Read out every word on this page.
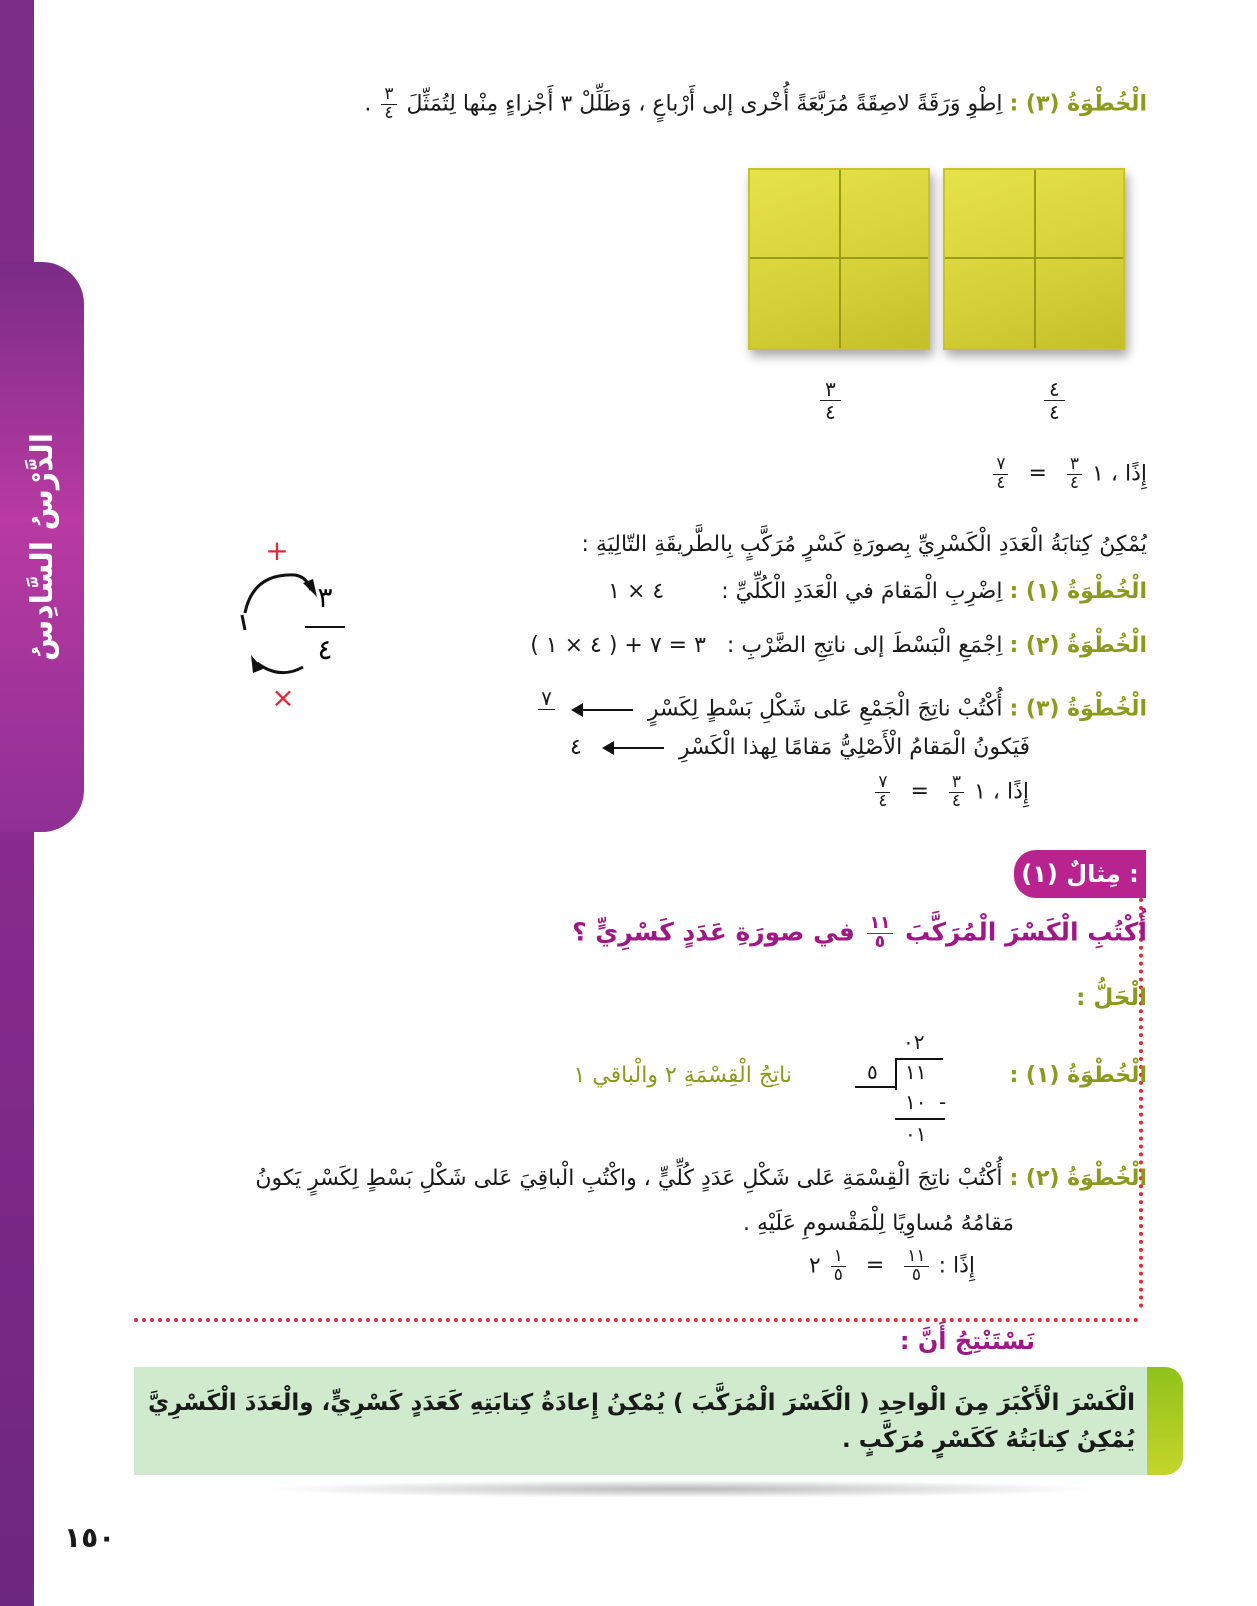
الدَّرْسُ السَّادِسُ
الْخُطْوَةُ (٣) : اِطْوِ وَرَقَةً لاصِقَةً مُرَبَّعَةً أُخْرى إلى أَرْباعٍ ، وَظَلِّلْ ٣ أَجْزاءٍ مِنْها لِتُمَثِّلَ
$\frac{٣}{٤}$
.
٤
٤
٣
٤
إِذًا ، ١
$\frac{٣}{٤}$
=
$\frac{٧}{٤}$
يُمْكِنُ كِتابَةُ الْعَدَدِ الْكَسْرِيِّ بِصورَةِ كَسْرٍ مُرَكَّبٍ بِالطَّريقَةِ التّالِيَةِ :
الْخُطْوَةُ (١) : اِضْرِبِ الْمَقامَ في الْعَدَدِ الْكُلِّيِّ : ٤ × ١
الْخُطْوَةُ (٢) : اِجْمَعِ الْبَسْطَ إلى ناتِجِ الضَّرْبِ : ( ٤ × ١ ) + ٣ = ٧
الْخُطْوَةُ (٣) : أُكْتُبْ ناتِجَ الْجَمْعِ عَلى شَكْلِ بَسْطٍ لِكَسْرٍ
٧
فَيَكونُ الْمَقامُ الْأَصْلِيُّ مَقامًا لِهذا الْكَسْرِ  ٤
إِذًا ، ١
$\frac{٣}{٤}$
=
$\frac{٧}{٤}$
+
٣
٤
×
مِثالٌ (١) :
أُكْتُبِ الْكَسْرَ الْمُرَكَّبَ
$\frac{١١}{٥}$
في صورَةِ عَدَدٍ كَسْرِيٍّ ؟
الْحَلُّ :
الْخُطْوَةُ (١) :
ناتِجُ الْقِسْمَةِ ٢ والْباقي ١
٠٢
١١
٥
١٠ -
٠١
الْخُطْوَةُ (٢) : أُكْتُبْ ناتِجَ الْقِسْمَةِ عَلى شَكْلِ عَدَدٍ كُلِّيٍّ ، واكْتُبِ الْباقِيَ عَلى شَكْلِ بَسْطٍ لِكَسْرٍ يَكونُ
مَقامُهُ مُساوِيًا لِلْمَقْسومِ عَلَيْهِ .
إِذًا :
$\frac{١١}{٥}$
=
$\frac{١}{٥}$
٢
نَسْتَنْتِجُ أَنَّ :
الْكَسْرَ الْأَكْبَرَ مِنَ الْواحِدِ ( الْكَسْرَ الْمُرَكَّبَ ) يُمْكِنُ إِعادَةُ كِتابَتِهِ كَعَدَدٍ كَسْرِيٍّ، والْعَدَدَ الْكَسْرِيَّ يُمْكِنُ كِتابَتُهُ كَكَسْرٍ مُرَكَّبٍ .
١٥٠
